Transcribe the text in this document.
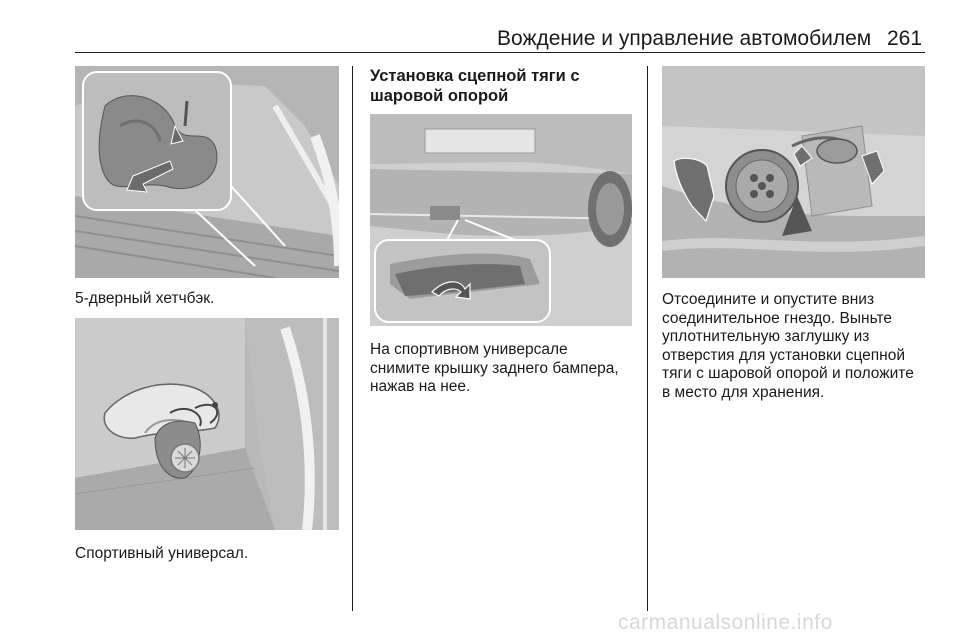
Вождение и управление автомобилем 261
5-дверный хетчбэк.
Спортивный универсал.
Установка сцепной тяги с
шаровой опорой
На спортивном универсале
снимите крышку заднего бампера,
нажав на нее.
Отсоедините и опустите вниз
соединительное гнездо. Выньте
уплотнительную заглушку из
отверстия для установки сцепной
тяги с шаровой опорой и положите
в место для хранения.
carmanualsonline.info
